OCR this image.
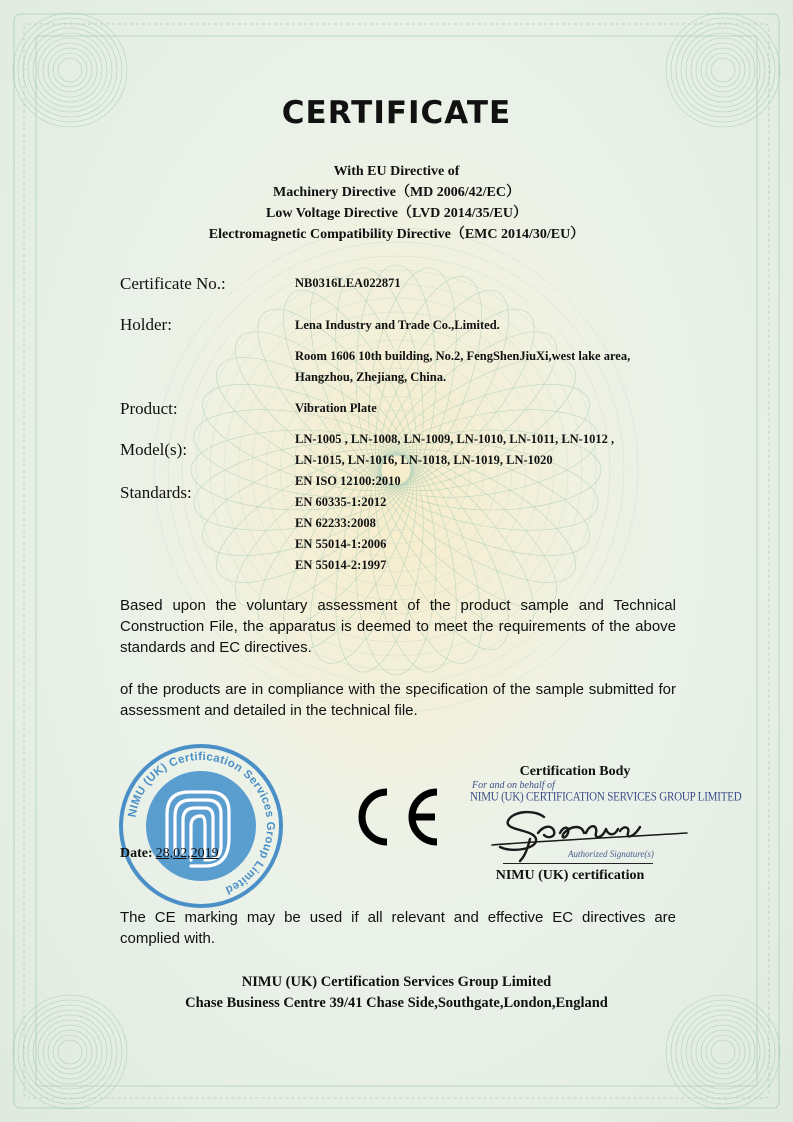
CERTIFICATE
With EU Directive of
Machinery Directive（MD 2006/42/EC）
Low Voltage Directive（LVD 2014/35/EU）
Electromagnetic Compatibility Directive（EMC 2014/30/EU）
Certificate No.:	NB0316LEA022871
Holder:	Lena Industry and Trade Co.,Limited.
Room 1606 10th building, No.2, FengShenJiuXi,west lake area,
Hangzhou, Zhejiang, China.
Product:	Vibration Plate
Model(s):
LN-1005 , LN-1008, LN-1009, LN-1010, LN-1011, LN-1012 ,
LN-1015, LN-1016, LN-1018, LN-1019, LN-1020
Standards:
EN ISO 12100:2010
EN 60335-1:2012
EN 62233:2008
EN 55014-1:2006
EN 55014-2:1997
Based upon the voluntary assessment of the product sample and Technical Construction File, the apparatus is deemed to meet the requirements of the above standards and EC directives.
of the products are in compliance with the specification of the sample submitted for assessment and detailed in the technical file.
NIMU (UK) Certification Services Group Limited
Date: 28,02,2019
Certification Body
For and on behalf of
NIMU (UK) CERTIFICATION SERVICES GROUP LIMITED
Authorized Signature(s)
NIMU (UK) certification
The CE marking may be used if all relevant and effective EC directives are complied with.
NIMU (UK) Certification Services Group Limited
Chase Business Centre 39/41 Chase Side,Southgate,London,England
